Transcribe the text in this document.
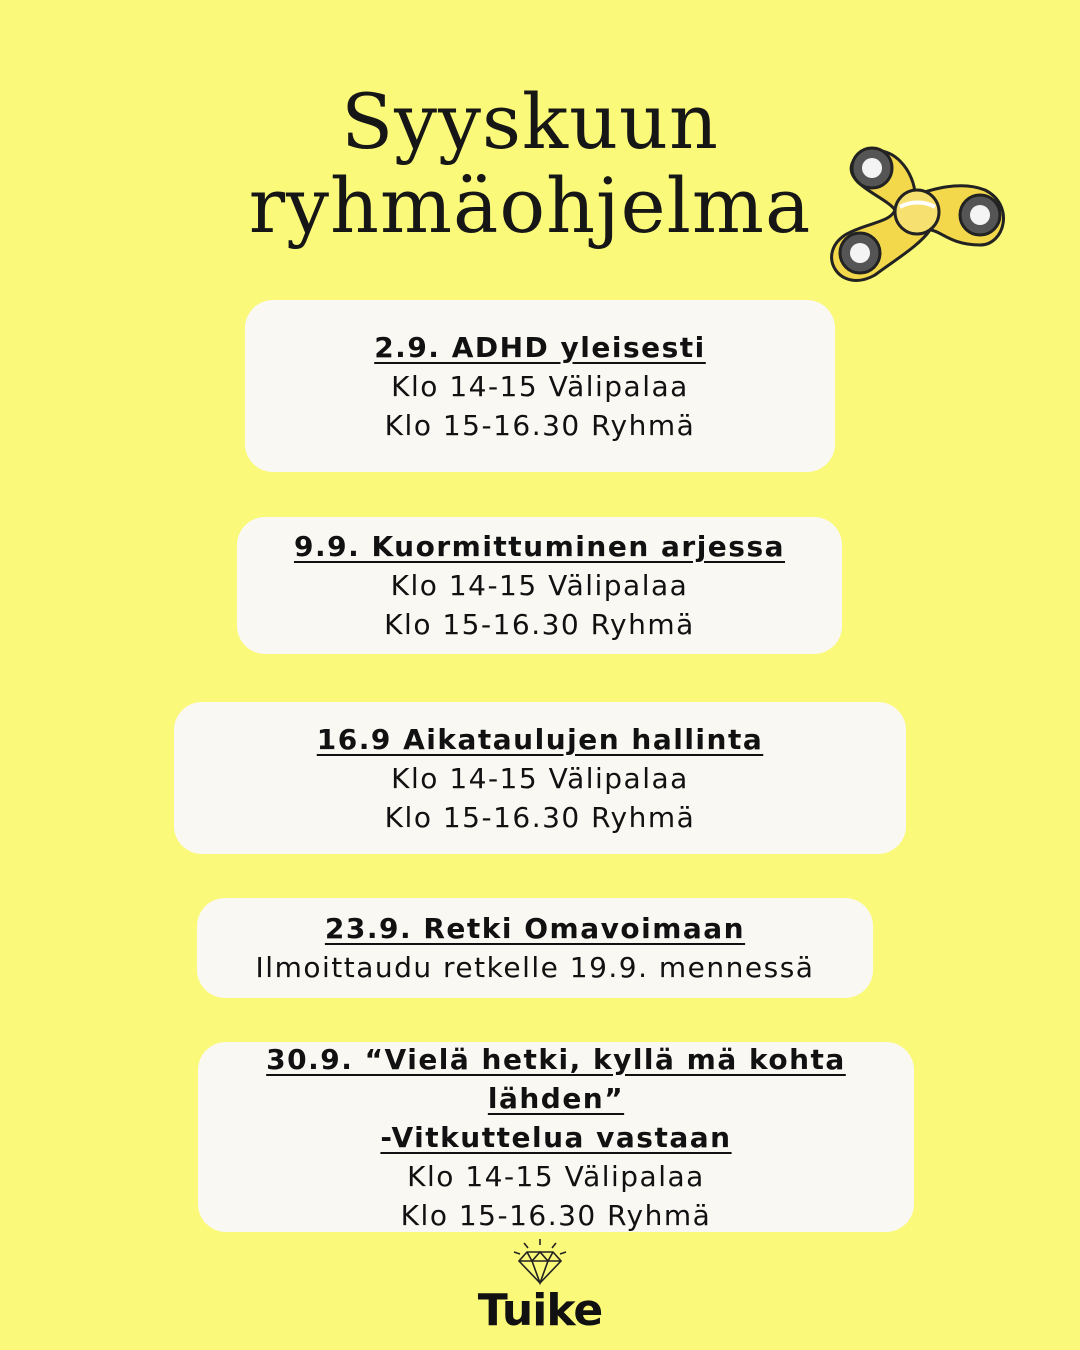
Syyskuun
ryhmäohjelma
2.9. ADHD yleisesti
Klo 14-15 Välipalaa
Klo 15-16.30 Ryhmä
9.9. Kuormittuminen arjessa
Klo 14-15 Välipalaa
Klo 15-16.30 Ryhmä
16.9 Aikataulujen hallinta
Klo 14-15 Välipalaa
Klo 15-16.30 Ryhmä
23.9. Retki Omavoimaan
Ilmoittaudu retkelle 19.9. mennessä
30.9. “Vielä hetki, kyllä mä kohta lähden”
-Vitkuttelua vastaan
Klo 14-15 Välipalaa
Klo 15-16.30 Ryhmä
Tuike
